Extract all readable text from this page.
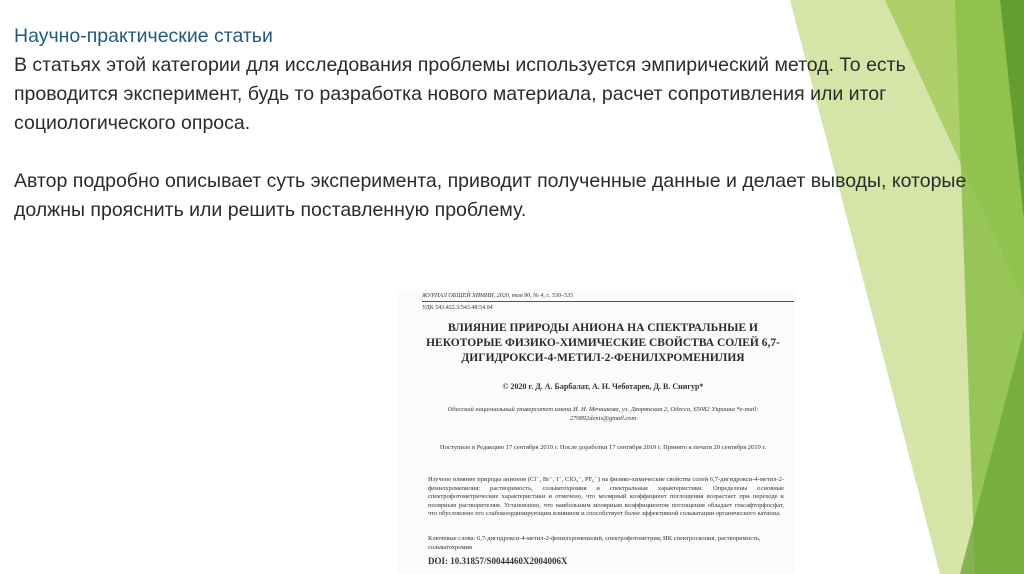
Научно-практические статьи

В статьях этой категории для исследования проблемы используется эмпирический метод. То есть проводится эксперимент, будь то разработка нового материала, расчет сопротивления или итог социологического опроса.

Автор подробно описывает суть эксперимента, приводит полученные данные и делает выводы, которые должны прояснить или решить поставленную проблему.

ЖУРНАЛ ОБЩЕЙ ХИМИИ, 2020, том 90, № 4, с. 530–535
УДК 543.422.3:543.48:54.04
ВЛИЯНИЕ ПРИРОДЫ АНИОНА НА СПЕКТРАЛЬНЫЕ И НЕКОТОРЫЕ ФИЗИКО-ХИМИЧЕСКИЕ СВОЙСТВА СОЛЕЙ 6,7-ДИГИДРОКСИ-4-МЕТИЛ-2-ФЕНИЛХРОМЕНИЛИЯ
© 2020 г. Д. А. Барбалат, А. Н. Чеботарев, Д. В. Снигур*
Одесский национальный университет имени И. И. Мечникова, ул. Дворянская 2, Одесса, 65082 Украина *e-mail: 270892denis@gmail.com
Поступило в Редакцию 17 сентября 2019 г. После доработки 17 сентября 2019 г. Принято к печати 20 сентября 2019 г.
Изучено влияние природы анионов (Cl⁻, Br⁻, I⁻, ClO₄⁻, PF₆⁻) на физико-химические свойства солей 6,7-дигидрокси-4-метил-2-фенилхромenилия: растворимость, сольватохромия и спектральные характеристики. Определены основные спектрофотометрические характеристики и отмечено, что молярный коэффициент поглощения возрастает при переходе к полярным растворителям. Установлено, что наибольшим молярным коэффициентом поглощения обладает гексафторфосфат, что обусловлено его слабокоординирующим влиянием и способствует более эффективной сольватации органического катиона.
Ключевые слова: 6,7-дигидрокси-4-метил-2-фенилхромenилий, спектрофотометрия, ИК спектроскопия, растворимость, сольватохромия
DOI: 10.31857/S0044460X2004006X
